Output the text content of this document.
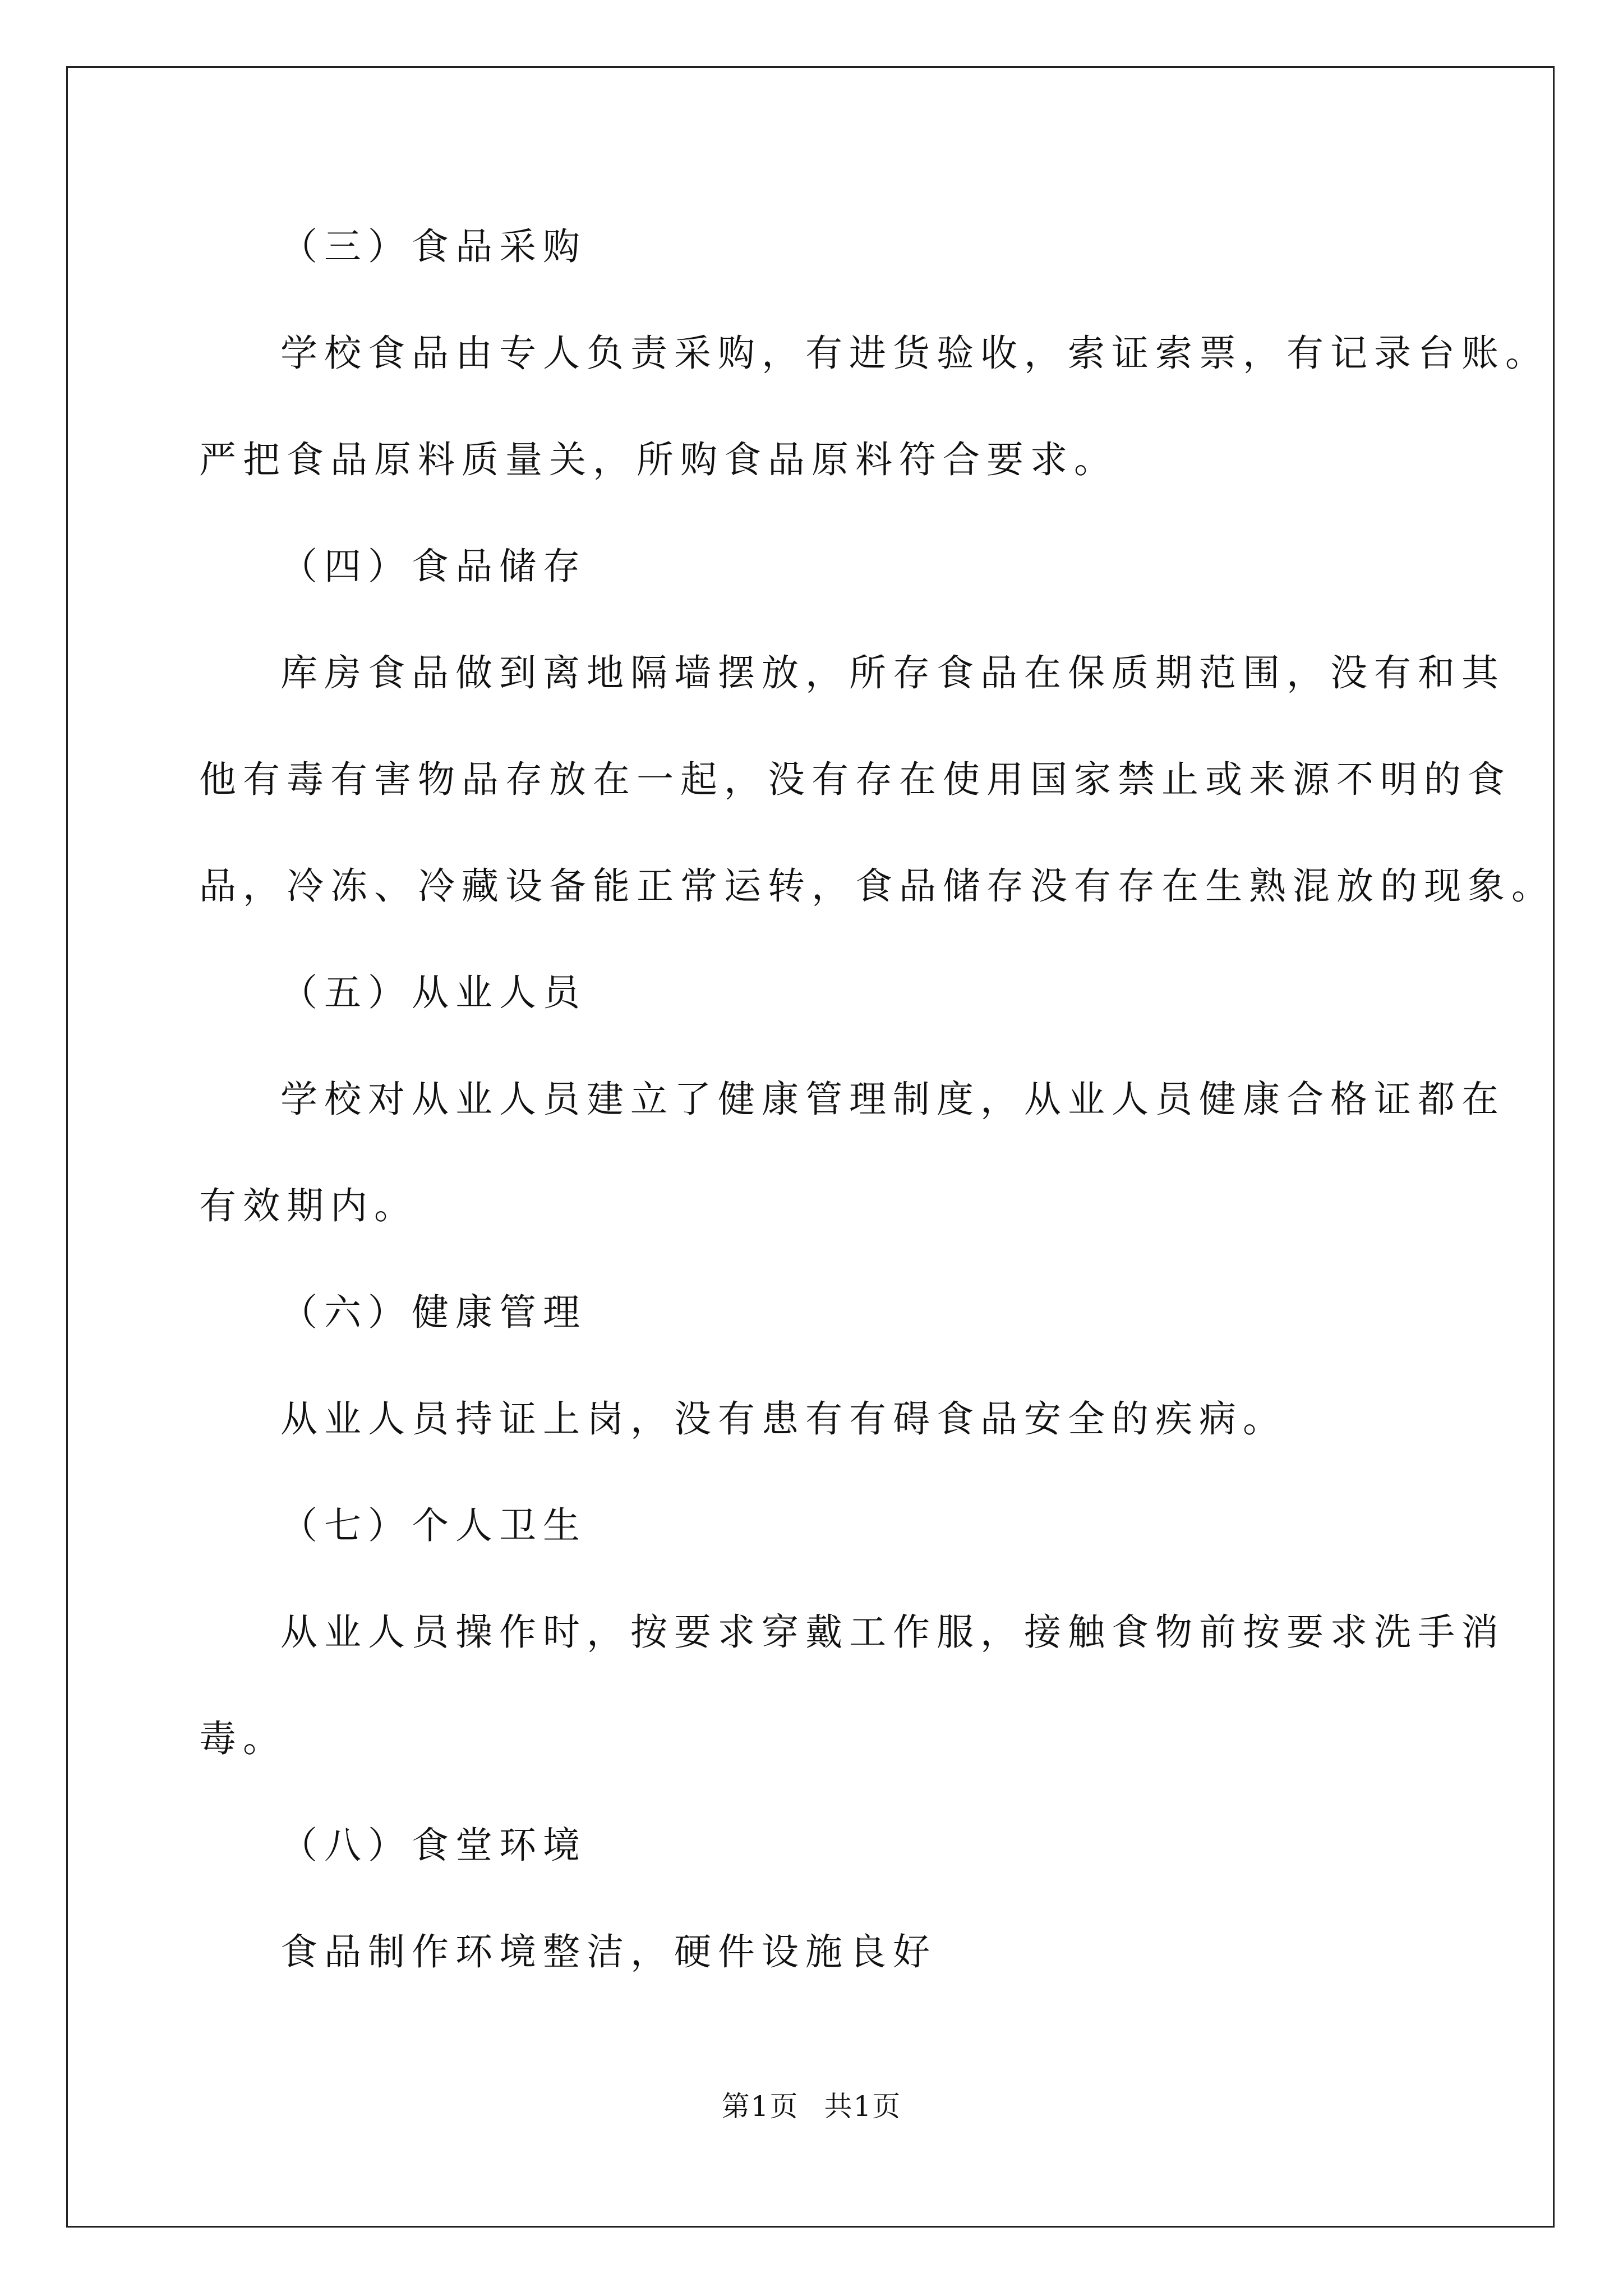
（三）食品采购
学校食品由专人负责采购，有进货验收，索证索票，有记录台账。
严把食品原料质量关，所购食品原料符合要求。
（四）食品储存
库房食品做到离地隔墙摆放，所存食品在保质期范围，没有和其
他有毒有害物品存放在一起，没有存在使用国家禁止或来源不明的食
品，冷冻、冷藏设备能正常运转，食品储存没有存在生熟混放的现象。
（五）从业人员
学校对从业人员建立了健康管理制度，从业人员健康合格证都在
有效期内。
（六）健康管理
从业人员持证上岗，没有患有有碍食品安全的疾病。
（七）个人卫生
从业人员操作时，按要求穿戴工作服，接触食物前按要求洗手消
毒。
（八）食堂环境
食品制作环境整洁，硬件设施良好
第1页 共1页
